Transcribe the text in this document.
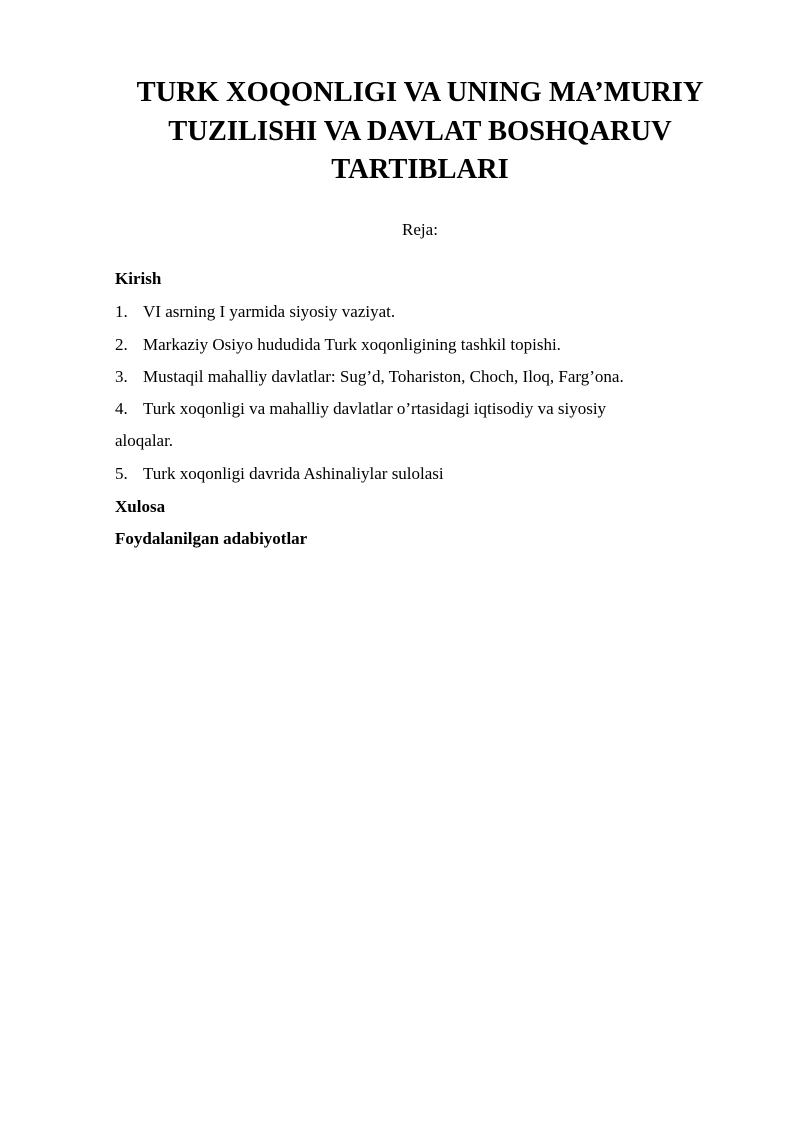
TURK XOQONLIGI VA UNING MA’MURIY TUZILISHI VA DAVLAT BOSHQARUV TARTIBLARI

Reja:

Kirish

1. VI asrning I yarmida siyosiy vaziyat.

2. Markaziy Osiyo hududida Turk xoqonligining tashkil topishi.

3. Mustaqil mahalliy davlatlar: Sug’d, Tohariston, Choch, Iloq, Farg’ona.

4. Turk xoqonligi va mahalliy davlatlar o’rtasidagi iqtisodiy va siyosiy

aloqalar.

5. Turk xoqonligi davrida Ashinaliylar sulolasi

Xulosa

Foydalanilgan adabiyotlar
